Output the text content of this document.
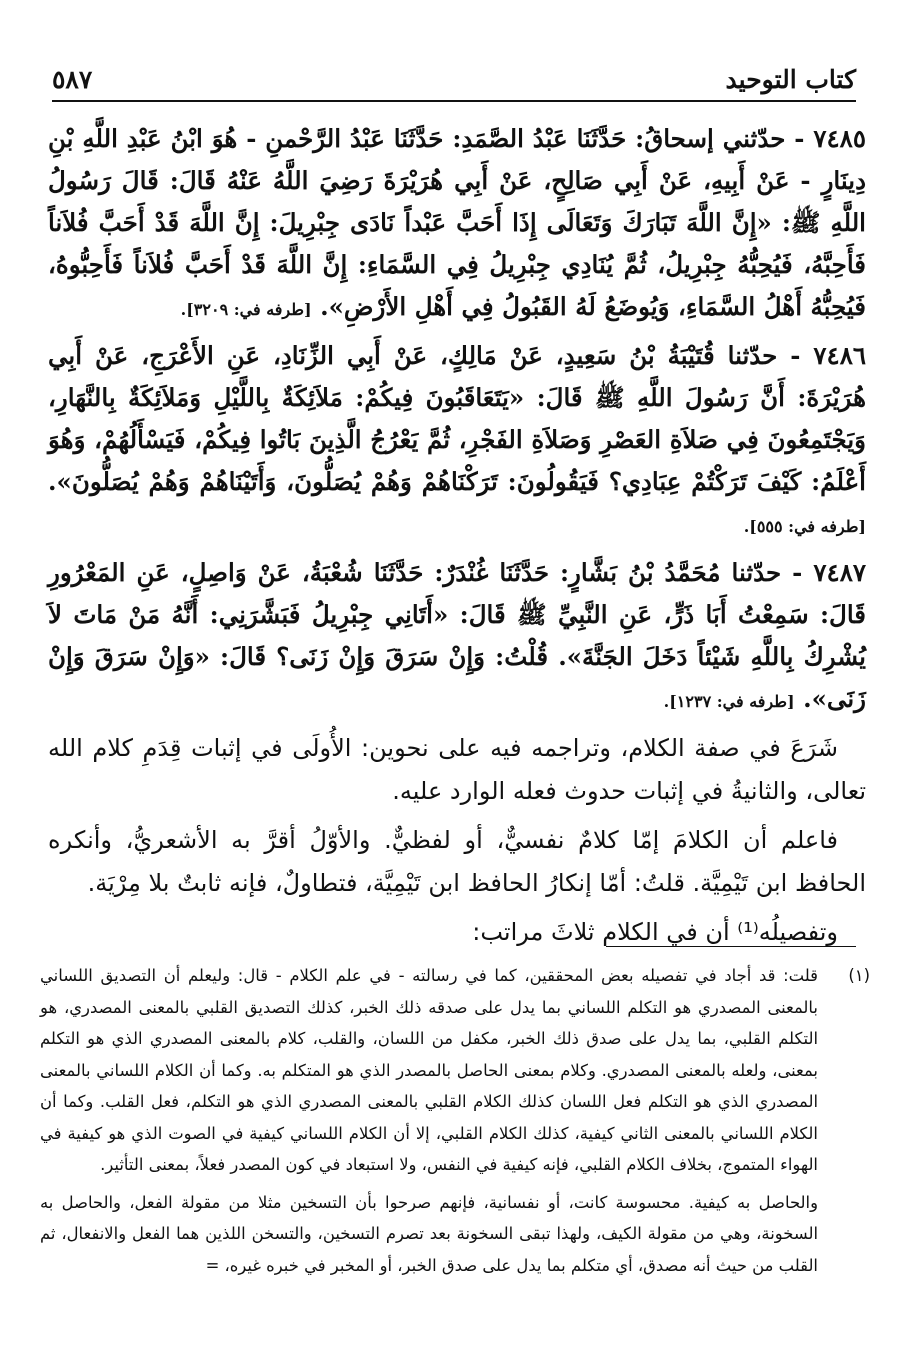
كتاب التوحيد
٥٨٧

٧٤٨٥ - حدّثني إسحاقُ: حَدَّثَنَا عَبْدُ الصَّمَدِ: حَدَّثَنَا عَبْدُ الرَّحْمنِ - هُوَ ابْنُ عَبْدِ اللَّهِ بْنِ دِينَارٍ - عَنْ أَبِيهِ، عَنْ أَبِي صَالِحٍ، عَنْ أَبِي هُرَيْرَةَ رَضِيَ اللَّهُ عَنْهُ قَالَ: قَالَ رَسُولُ اللَّهِ ﷺ: «إِنَّ اللَّهَ تَبَارَكَ وَتَعَالَى إِذَا أَحَبَّ عَبْداً نَادَى جِبْرِيلَ: إِنَّ اللَّهَ قَدْ أَحَبَّ فُلاَناً فَأَحِبَّهُ، فَيُحِبُّهُ جِبْرِيلُ، ثُمَّ يُنَادِي جِبْرِيلُ فِي السَّمَاءِ: إِنَّ اللَّهَ قَدْ أَحَبَّ فُلاَناً فَأَحِبُّوهُ، فَيُحِبُّهُ أَهْلُ السَّمَاءِ، وَيُوضَعُ لَهُ القَبُولُ فِي أَهْلِ الأَرْضِ». [طرفه في: ٣٢٠٩].

٧٤٨٦ - حدّثنا قُتَيْبَةُ بْنُ سَعِيدٍ، عَنْ مَالِكٍ، عَنْ أَبِي الزِّنَادِ، عَنِ الأَعْرَجِ، عَنْ أَبِي هُرَيْرَةَ: أَنَّ رَسُولَ اللَّهِ ﷺ قَالَ: «يَتَعَاقَبُونَ فِيكُمْ: مَلاَئِكَةٌ بِاللَّيْلِ وَمَلاَئِكَةٌ بِالنَّهَارِ، وَيَجْتَمِعُونَ فِي صَلاَةِ العَصْرِ وَصَلاَةِ الفَجْرِ، ثُمَّ يَعْرُجُ الَّذِينَ بَاتُوا فِيكُمْ، فَيَسْأَلُهُمْ، وَهُوَ أَعْلَمُ: كَيْفَ تَرَكْتُمْ عِبَادِي؟ فَيَقُولُونَ: تَرَكْنَاهُمْ وَهُمْ يُصَلُّونَ، وَأَتَيْنَاهُمْ وَهُمْ يُصَلُّونَ». [طرفه في: ٥٥٥].

٧٤٨٧ - حدّثنا مُحَمَّدُ بْنُ بَشَّارٍ: حَدَّثَنَا غُنْدَرٌ: حَدَّثَنَا شُعْبَةُ، عَنْ وَاصِلٍ، عَنِ المَعْرُورِ قَالَ: سَمِعْتُ أَبَا ذَرٍّ، عَنِ النَّبِيِّ ﷺ قَالَ: «أَتَانِي جِبْرِيلُ فَبَشَّرَنِي: أَنَّهُ مَنْ مَاتَ لاَ يُشْرِكُ بِاللَّهِ شَيْئاً دَخَلَ الجَنَّةَ». قُلْتُ: وَإِنْ سَرَقَ وَإِنْ زَنَى؟ قَالَ: «وَإِنْ سَرَقَ وَإِنْ زَنَى». [طرفه في: ١٢٣٧].

شَرَعَ في صفة الكلام، وتراجمه فيه على نحوين: الأُولَى في إثبات قِدَمِ كلام الله تعالى، والثانيةُ في إثبات حدوث فعله الوارد عليه.

فاعلم أن الكلامَ إمّا كلامٌ نفسيٌّ، أو لفظيٌّ. والأوّلُ أقرَّ به الأشعريُّ، وأنكره الحافظ ابن تَيْمِيَّة. قلتُ: أمّا إنكارُ الحافظ ابن تَيْمِيَّة، فتطاولٌ، فإنه ثابتٌ بلا مِرْيَة.

وتفصيلُه⁽¹⁾ أن في الكلام ثلاثَ مراتب:

(١)
قلت: قد أجاد في تفصيله بعض المحققين، كما في رسالته - في علم الكلام - قال: وليعلم أن التصديق اللساني بالمعنى المصدري هو التكلم اللساني بما يدل على صدقه ذلك الخبر، كذلك التصديق القلبي بالمعنى المصدري، هو التكلم القلبي، بما يدل على صدق ذلك الخبر، مكفل من اللسان، والقلب، كلام بالمعنى المصدري الذي هو التكلم بمعنى، ولعله بالمعنى المصدري. وكلام بمعنى الحاصل بالمصدر الذي هو المتكلم به. وكما أن الكلام اللساني بالمعنى المصدري الذي هو التكلم فعل اللسان كذلك الكلام القلبي بالمعنى المصدري الذي هو التكلم، فعل القلب. وكما أن الكلام اللساني بالمعنى الثاني كيفية، كذلك الكلام القلبي، إلا أن الكلام اللساني كيفية في الصوت الذي هو كيفية في الهواء المتموج، بخلاف الكلام القلبي، فإنه كيفية في النفس، ولا استبعاد في كون المصدر فعلاً، بمعنى التأثير.
والحاصل به كيفية. محسوسة كانت، أو نفسانية، فإنهم صرحوا بأن التسخين مثلا من مقولة الفعل، والحاصل به السخونة، وهي من مقولة الكيف، ولهذا تبقى السخونة بعد تصرم التسخين، والتسخن اللذين هما الفعل والانفعال، ثم القلب من حيث أنه مصدق، أي متكلم بما يدل على صدق الخبر، أو المخبر في خبره غيره، =
